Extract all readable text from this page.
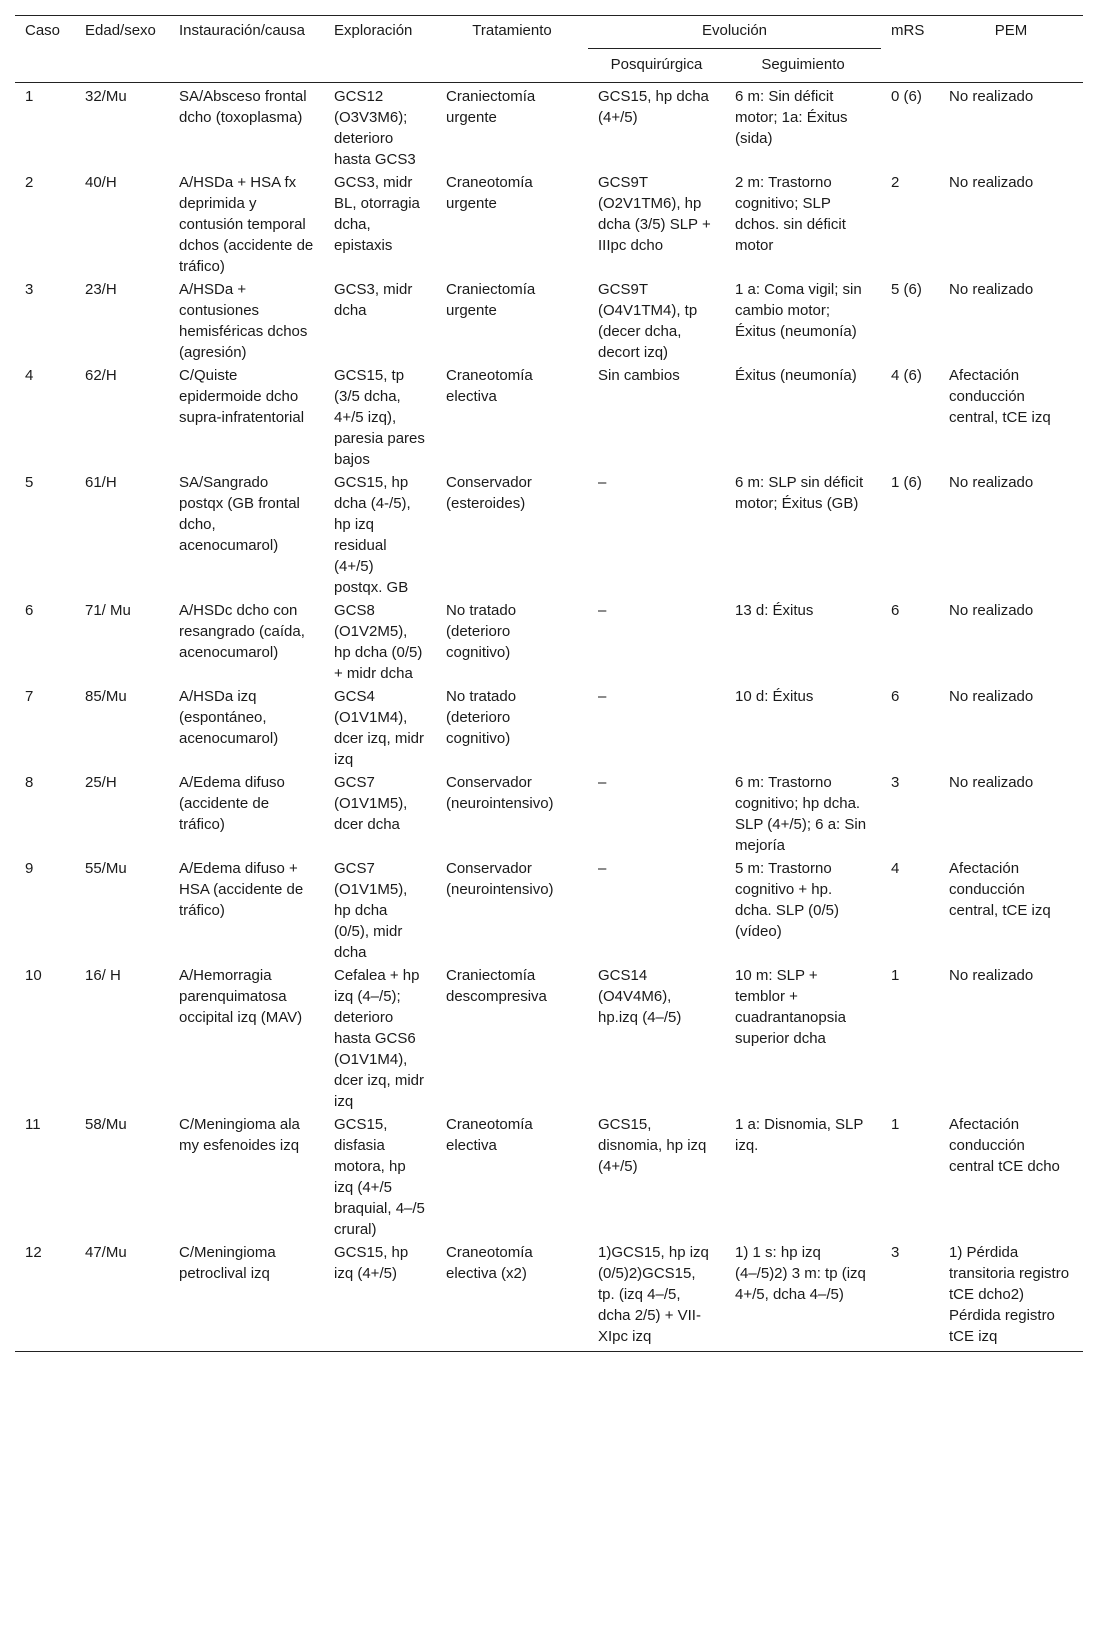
Caso	Edad/sexo	Instauración/causa	Exploración	Tratamiento	Evolución		mRS	PEM
					Posquirúrgica	Seguimiento		
1	32/Mu	SA/Absceso frontal dcho (toxoplasma)	GCS12 (O3V3M6); deterioro hasta GCS3	Craniectomía urgente	GCS15, hp dcha (4+/5)	6 m: Sin déficit motor; 1a: Éxitus (sida)	0 (6)	No realizado
2	40/H	A/HSDa + HSA fx deprimida y contusión temporal dchos (accidente de tráfico)	GCS3, midr BL, otorragia dcha, epistaxis	Craneotomía urgente	GCS9T (O2V1TM6), hp dcha (3/5) SLP + IIIpc dcho	2 m: Trastorno cognitivo; SLP dchos. sin déficit motor	2	No realizado
3	23/H	A/HSDa + contusiones hemisféricas dchos (agresión)	GCS3, midr dcha	Craniectomía urgente	GCS9T (O4V1TM4), tp (decer dcha, decort izq)	1 a: Coma vigil; sin cambio motor; Éxitus (neumonía)	5 (6)	No realizado
4	62/H	C/Quiste epidermoide dcho supra-infratentorial	GCS15, tp (3/5 dcha, 4+/5 izq), paresia pares bajos	Craneotomía electiva	Sin cambios	Éxitus (neumonía)	4 (6)	Afectación conducción central, tCE izq
5	61/H	SA/Sangrado postqx (GB frontal dcho, acenocumarol)	GCS15, hp dcha (4-/5), hp izq residual (4+/5) postqx. GB	Conservador (esteroides)	–	6 m: SLP sin déficit motor; Éxitus (GB)	1 (6)	No realizado
6	71/ Mu	A/HSDc dcho con resangrado (caída, acenocumarol)	GCS8 (O1V2M5), hp dcha (0/5) + midr dcha	No tratado (deterioro cognitivo)	–	13 d: Éxitus	6	No realizado
7	85/Mu	A/HSDa izq (espontáneo, acenocumarol)	GCS4 (O1V1M4), dcer izq, midr izq	No tratado (deterioro cognitivo)	–	10 d: Éxitus	6	No realizado
8	25/H	A/Edema difuso (accidente de tráfico)	GCS7 (O1V1M5), dcer dcha	Conservador (neurointensivo)	–	6 m: Trastorno cognitivo; hp dcha. SLP (4+/5); 6 a: Sin mejoría	3	No realizado
9	55/Mu	A/Edema difuso + HSA (accidente de tráfico)	GCS7 (O1V1M5), hp dcha (0/5), midr dcha	Conservador (neurointensivo)	–	5 m: Trastorno cognitivo + hp. dcha. SLP (0/5) (vídeo)	4	Afectación conducción central, tCE izq
10	16/ H	A/Hemorragia parenquimatosa occipital izq (MAV)	Cefalea + hp izq (4–/5); deterioro hasta GCS6 (O1V1M4), dcer izq, midr izq	Craniectomía descompresiva	GCS14 (O4V4M6), hp.izq (4–/5)	10 m: SLP + temblor + cuadrantanopsia superior dcha	1	No realizado
11	58/Mu	C/Meningioma ala my esfenoides izq	GCS15, disfasia motora, hp izq (4+/5 braquial, 4–/5 crural)	Craneotomía electiva	GCS15, disnomia, hp izq (4+/5)	1 a: Disnomia, SLP izq.	1	Afectación conducción central tCE dcho
12	47/Mu	C/Meningioma petroclival izq	GCS15, hp izq (4+/5)	Craneotomía electiva (x2)	1)GCS15, hp izq (0/5)2)GCS15, tp. (izq 4–/5, dcha 2/5) + VII-XIpc izq	1) 1 s: hp izq (4–/5)2) 3 m: tp (izq 4+/5, dcha 4–/5)	3	1) Pérdida transitoria registro tCE dcho2) Pérdida registro tCE izq
